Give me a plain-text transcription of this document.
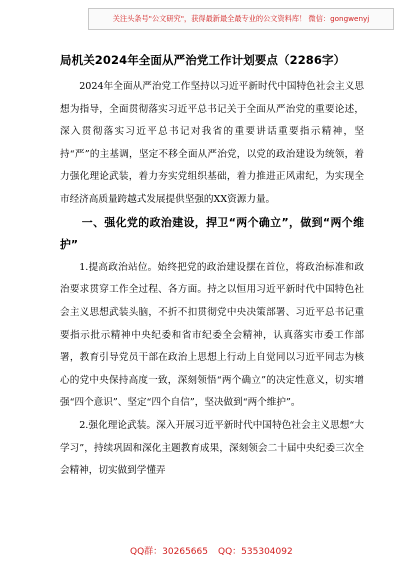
关注头条号"公文研究"，获得最新最全最专业的公文资料库！ 微信：gongwenyj
局机关2024年全面从严治党工作计划要点（2286字）

2024年全面从严治党工作坚持以习近平新时代中国特色社会主义思想为指导，全面贯彻落实习近平总书记关于全面从严治党的重要论述，深入贯彻落实习近平总书记对我省的重要讲话重要指示精神，坚持“严”的主基调，坚定不移全面从严治党，以党的政治建设为统领，着力强化理论武装，着力夯实党组织基础，着力推进正风肃纪，为实现全市经济高质量跨越式发展提供坚强的XX资源力量。

一、强化党的政治建设，捍卫“两个确立”，做到“两个维护”

1.提高政治站位。始终把党的政治建设摆在首位，将政治标准和政治要求贯穿工作全过程、各方面。持之以恒用习近平新时代中国特色社会主义思想武装头脑，不折不扣贯彻党中央决策部署、习近平总书记重要指示批示精神中央纪委和省市纪委全会精神，认真落实市委工作部署，教育引导党员干部在政治上思想上行动上自觉同以习近平同志为核心的党中央保持高度一致，深刻领悟“两个确立”的决定性意义，切实增强“四个意识”、坚定“四个自信”，坚决做到“两个维护”。

2.强化理论武装。深入开展习近平新时代中国特色社会主义思想“大学习”，持续巩固和深化主题教育成果，深刻领会二十届中央纪委三次全会精神，切实做到学懂弄

QQ群：30265665 QQ：535304092
